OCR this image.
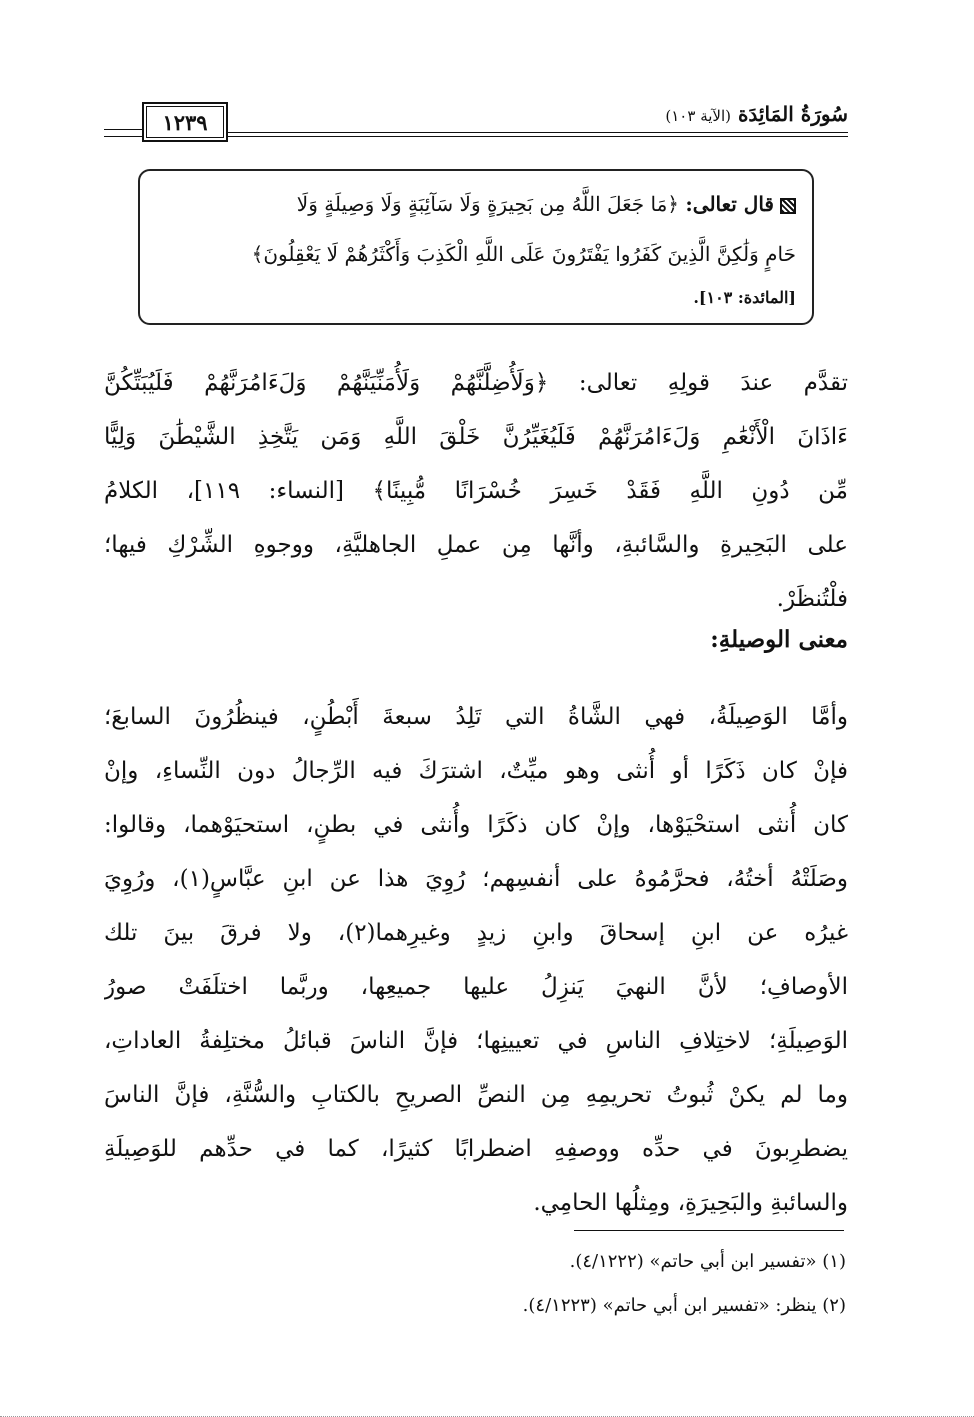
سُورَةُ المَائِدَة (الآية ١٠٣)
١٢٣٩
قال تعالى: ﴿مَا جَعَلَ اللَّهُ مِن بَحِيرَةٍ وَلَا سَآئِبَةٍ وَلَا وَصِيلَةٍ وَلَا
حَامٍ وَلَٰكِنَّ الَّذِينَ كَفَرُوا يَفْتَرُونَ عَلَى اللَّهِ الْكَذِبَ وَأَكْثَرُهُمْ لَا يَعْقِلُونَ﴾
[المائدة: ١٠٣].
تقدَّم عندَ قولِهِ تعالى: ﴿وَلَأُضِلَّنَّهُمْ وَلَأُمَنِّيَنَّهُمْ وَلَءَامُرَنَّهُمْ فَلَيُبَتِّكُنَّ
ءَاذَانَ الْأَنْعَٰمِ وَلَءَامُرَنَّهُمْ فَلَيُغَيِّرُنَّ خَلْقَ اللَّهِ وَمَن يَتَّخِذِ الشَّيْطَٰنَ وَلِيًّا
مِّن دُونِ اللَّهِ فَقَدْ خَسِرَ خُسْرَانًا مُّبِينًا﴾ [النساء: ١١٩]، الكلامُ
على البَحِيرةِ والسَّائبةِ، وأنَّها مِن عملِ الجاهليَّةِ، ووجوهِ الشِّرْكِ فيها؛
فلْتُنظَرْ.
معنى الوصيلةِ:
وأمَّا الوَصِيلَةُ، فهي الشَّاةُ التي تَلِدُ سبعةَ أَبْطُنٍ، فينظُرُونَ السابعَ؛
فإنْ كان ذَكَرًا أو أُنثى وهو ميِّتٌ، اشترَكَ فيه الرِّجالُ دون النِّساءِ، وإنْ
كان أُنثى استحْيَوْها، وإنْ كان ذكَرًا وأُنثى في بطنٍ، استحيَوْهما، وقالوا:
وصَلَتْهُ أختُهُ، فحرَّمُوهُ على أنفسِهم؛ رُوِيَ هذا عن ابنِ عبَّاسٍ(١)، ورُوِيَ
غيرُه عن ابنِ إسحاقَ وابنِ زيدٍ وغيرِهما(٢)، ولا فرقَ بينَ تلك
الأوصافِ؛ لأنَّ النهيَ يَنزِلُ عليها جميعِها، وربَّما اختلَفَتْ صورُ
الوَصِيلَةِ؛ لاختِلافِ الناسِ في تعيينِها؛ فإنَّ الناسَ قبائلُ مختلِفةُ العاداتِ،
وما لم يكنْ ثُبوتُ تحريمِهِ مِن النصِّ الصريحِ بالكتابِ والسُّنَّةِ، فإنَّ الناسَ
يضطرِبونَ في حدِّه ووصفِهِ اضطرابًا كثيرًا، كما في حدِّهم للوَصِيلَةِ
والسائبةِ والبَحِيرَةِ، ومِثلُها الحامِي.
(١) «تفسير ابن أبي حاتم» (٤/١٢٢٢).
(٢) ينظر: «تفسير ابن أبي حاتم» (٤/١٢٢٣).
